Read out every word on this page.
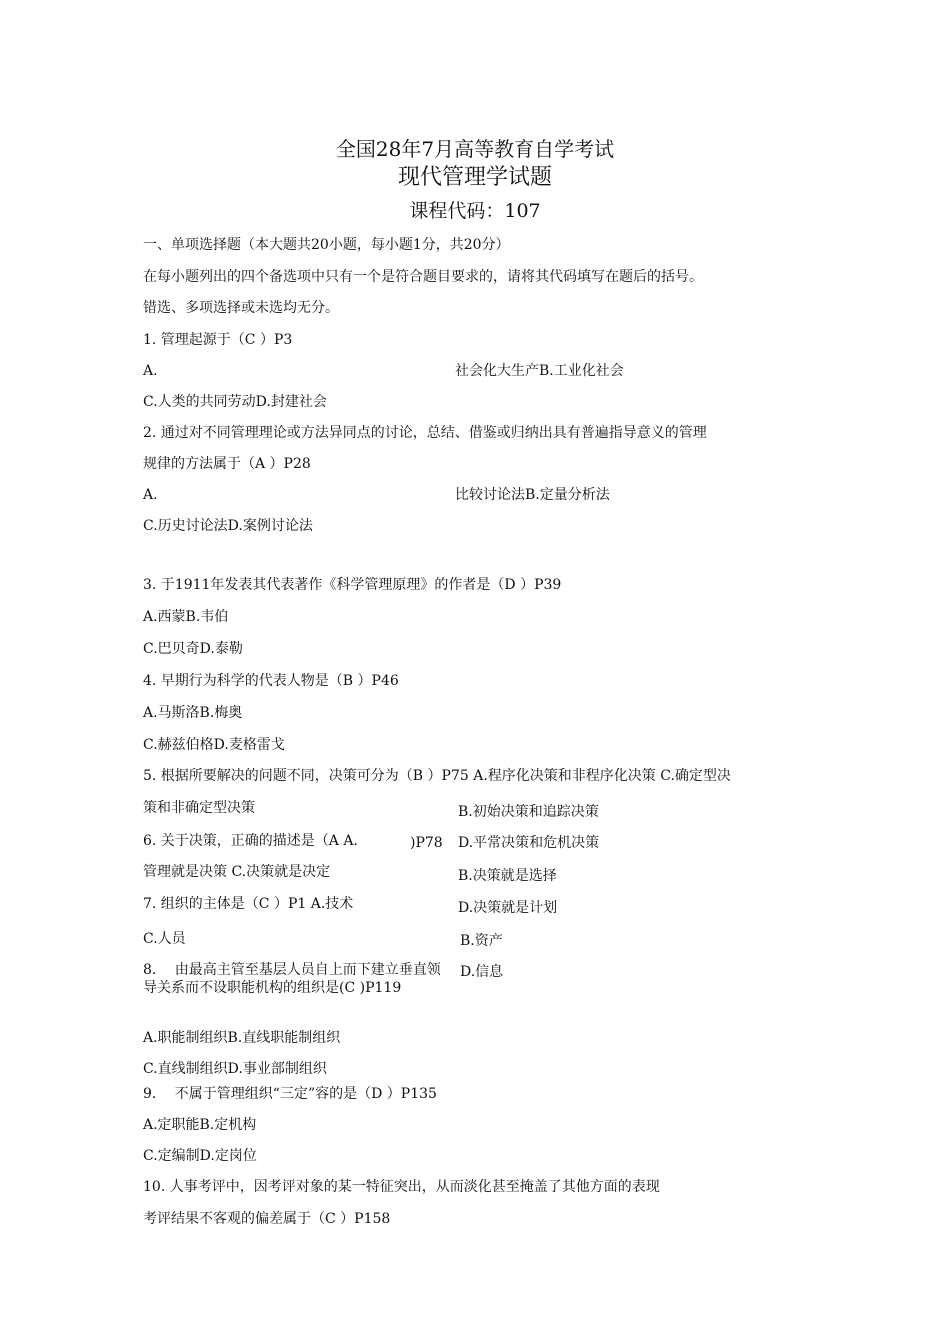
全国28年7月高等教育自学考试
现代管理学试题
课程代码：107
一、单项选择题（本大题共20小题，每小题1分，共20分）
在每小题列出的四个备选项中只有一个是符合题目要求的，请将其代码填写在题后的括号。
错选、多项选择或未选均无分。
1. 管理起源于（C ）P3
A.	社会化大生产B.工业化社会
C.人类的共同劳动D.封建社会
2. 通过对不同管理理论或方法异同点的讨论，总结、借鉴或归纳出具有普遍指导意义的管理
规律的方法属于（A ）P28
A.	比较讨论法B.定量分析法
C.历史讨论法D.案例讨论法
3. 于1911年发表其代表著作《科学管理原理》的作者是（D ）P39
A.西蒙B.韦伯
C.巴贝奇D.泰勒
4. 早期行为科学的代表人物是（B ）P46
A.马斯洛B.梅奥
C.赫兹伯格D.麦格雷戈
5. 根据所要解决的问题不同，决策可分为（B ）P75 A.程序化决策和非程序化决策 C.确定型决
策和非确定型决策	B.初始决策和追踪决策
D.平常决策和危机决策
6. 关于决策，正确的描述是（A A.	)P78
管理就是决策 C.决策就是决定	B.决策就是选择
D.决策就是计划
7. 组织的主体是（C ）P1 A.技术
C.人员	B.资产
D.信息
8.　 由最高主管至基层人员自上而下建立垂直领导关系而不设职能机构的组织是(C )P119
A.职能制组织B.直线职能制组织
C.直线制组织D.事业部制组织
9.　 不属于管理组织“三定”容的是（D ）P135
A.定职能B.定机构
C.定编制D.定岗位
10. 人事考评中，因考评对象的某一特征突出，从而淡化甚至掩盖了其他方面的表现
考评结果不客观的偏差属于（C ）P158
